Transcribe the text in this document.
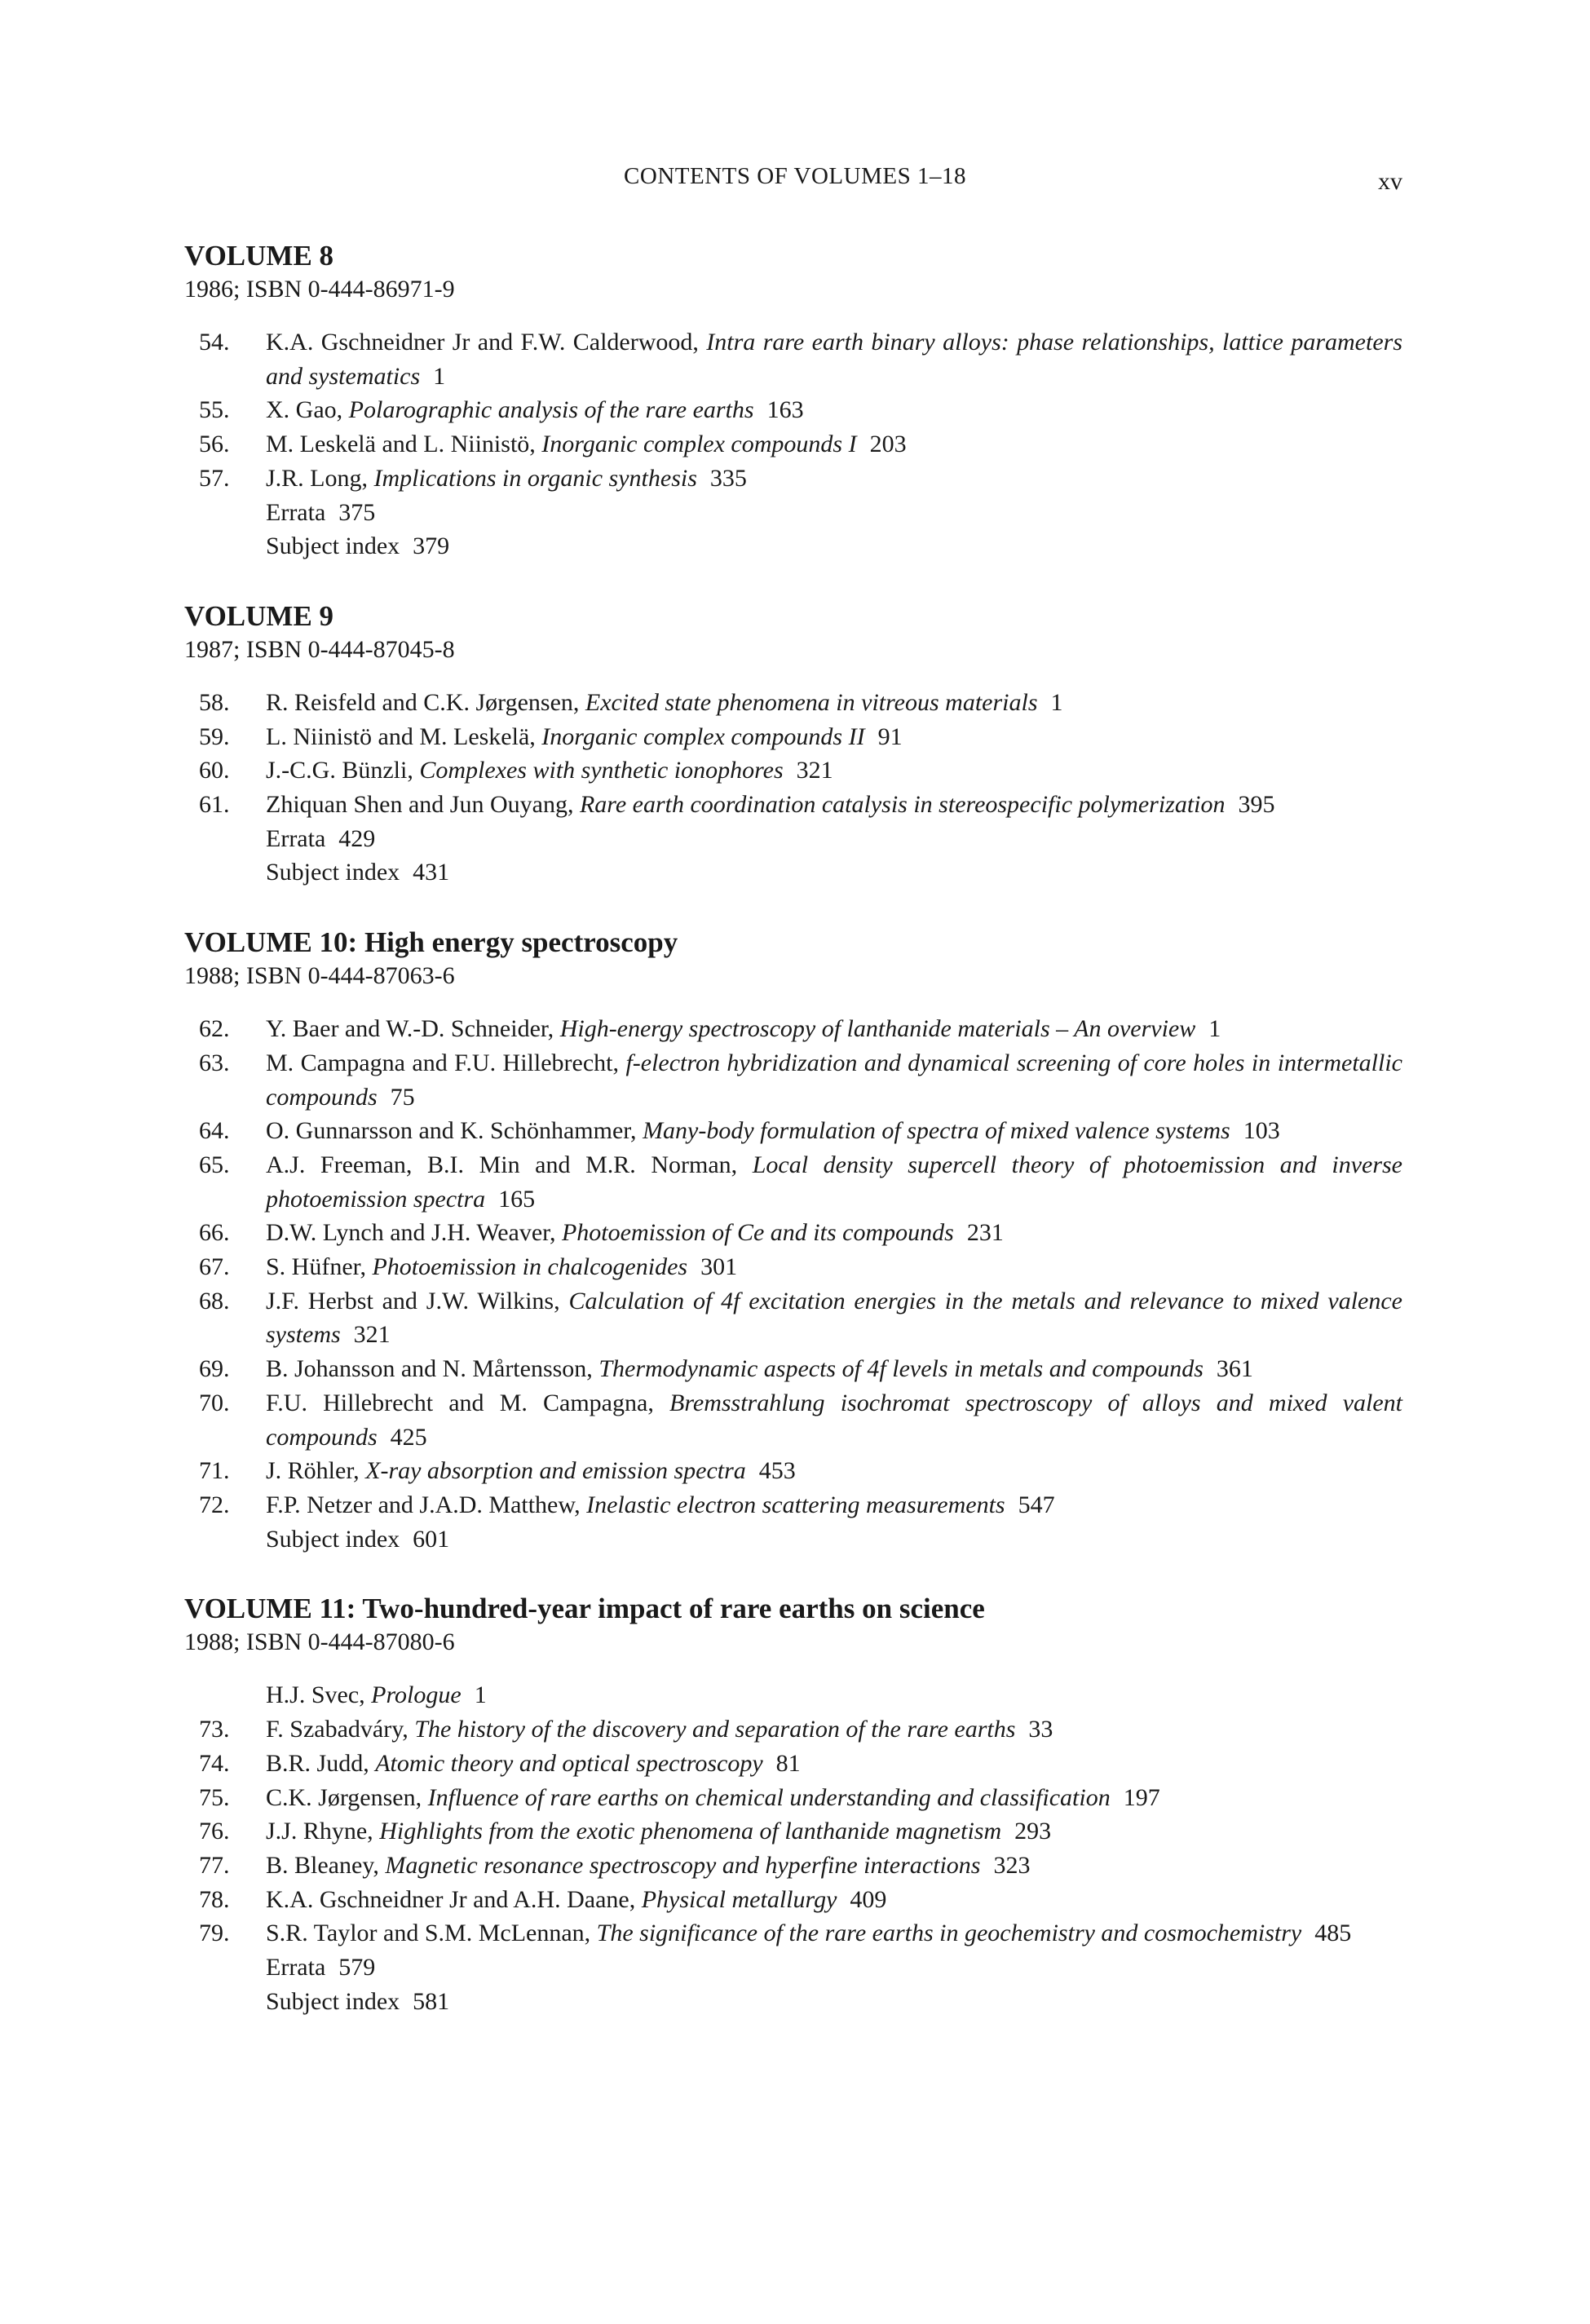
CONTENTS OF VOLUMES 1–18	xv
VOLUME 8
1986; ISBN 0-444-86971-9
54.	K.A. Gschneidner Jr and F.W. Calderwood, Intra rare earth binary alloys: phase relationships, lattice parameters and systematics 1
55.	X. Gao, Polarographic analysis of the rare earths 163
56.	M. Leskelä and L. Niinistö, Inorganic complex compounds I 203
57.	J.R. Long, Implications in organic synthesis 335
Errata 375
Subject index 379
VOLUME 9
1987; ISBN 0-444-87045-8
58.	R. Reisfeld and C.K. Jørgensen, Excited state phenomena in vitreous materials 1
59.	L. Niinistö and M. Leskelä, Inorganic complex compounds II 91
60.	J.-C.G. Bünzli, Complexes with synthetic ionophores 321
61.	Zhiquan Shen and Jun Ouyang, Rare earth coordination catalysis in stereospecific polymerization 395
Errata 429
Subject index 431
VOLUME 10: High energy spectroscopy
1988; ISBN 0-444-87063-6
62.	Y. Baer and W.-D. Schneider, High-energy spectroscopy of lanthanide materials – An overview 1
63.	M. Campagna and F.U. Hillebrecht, f-electron hybridization and dynamical screening of core holes in intermetallic compounds 75
64.	O. Gunnarsson and K. Schönhammer, Many-body formulation of spectra of mixed valence systems 103
65.	A.J. Freeman, B.I. Min and M.R. Norman, Local density supercell theory of photoemission and inverse photoemission spectra 165
66.	D.W. Lynch and J.H. Weaver, Photoemission of Ce and its compounds 231
67.	S. Hüfner, Photoemission in chalcogenides 301
68.	J.F. Herbst and J.W. Wilkins, Calculation of 4f excitation energies in the metals and relevance to mixed valence systems 321
69.	B. Johansson and N. Mårtensson, Thermodynamic aspects of 4f levels in metals and compounds 361
70.	F.U. Hillebrecht and M. Campagna, Bremsstrahlung isochromat spectroscopy of alloys and mixed valent compounds 425
71.	J. Röhler, X-ray absorption and emission spectra 453
72.	F.P. Netzer and J.A.D. Matthew, Inelastic electron scattering measurements 547
Subject index 601
VOLUME 11: Two-hundred-year impact of rare earths on science
1988; ISBN 0-444-87080-6
H.J. Svec, Prologue 1
73.	F. Szabadváry, The history of the discovery and separation of the rare earths 33
74.	B.R. Judd, Atomic theory and optical spectroscopy 81
75.	C.K. Jørgensen, Influence of rare earths on chemical understanding and classification 197
76.	J.J. Rhyne, Highlights from the exotic phenomena of lanthanide magnetism 293
77.	B. Bleaney, Magnetic resonance spectroscopy and hyperfine interactions 323
78.	K.A. Gschneidner Jr and A.H. Daane, Physical metallurgy 409
79.	S.R. Taylor and S.M. McLennan, The significance of the rare earths in geochemistry and cosmochemistry 485
Errata 579
Subject index 581
